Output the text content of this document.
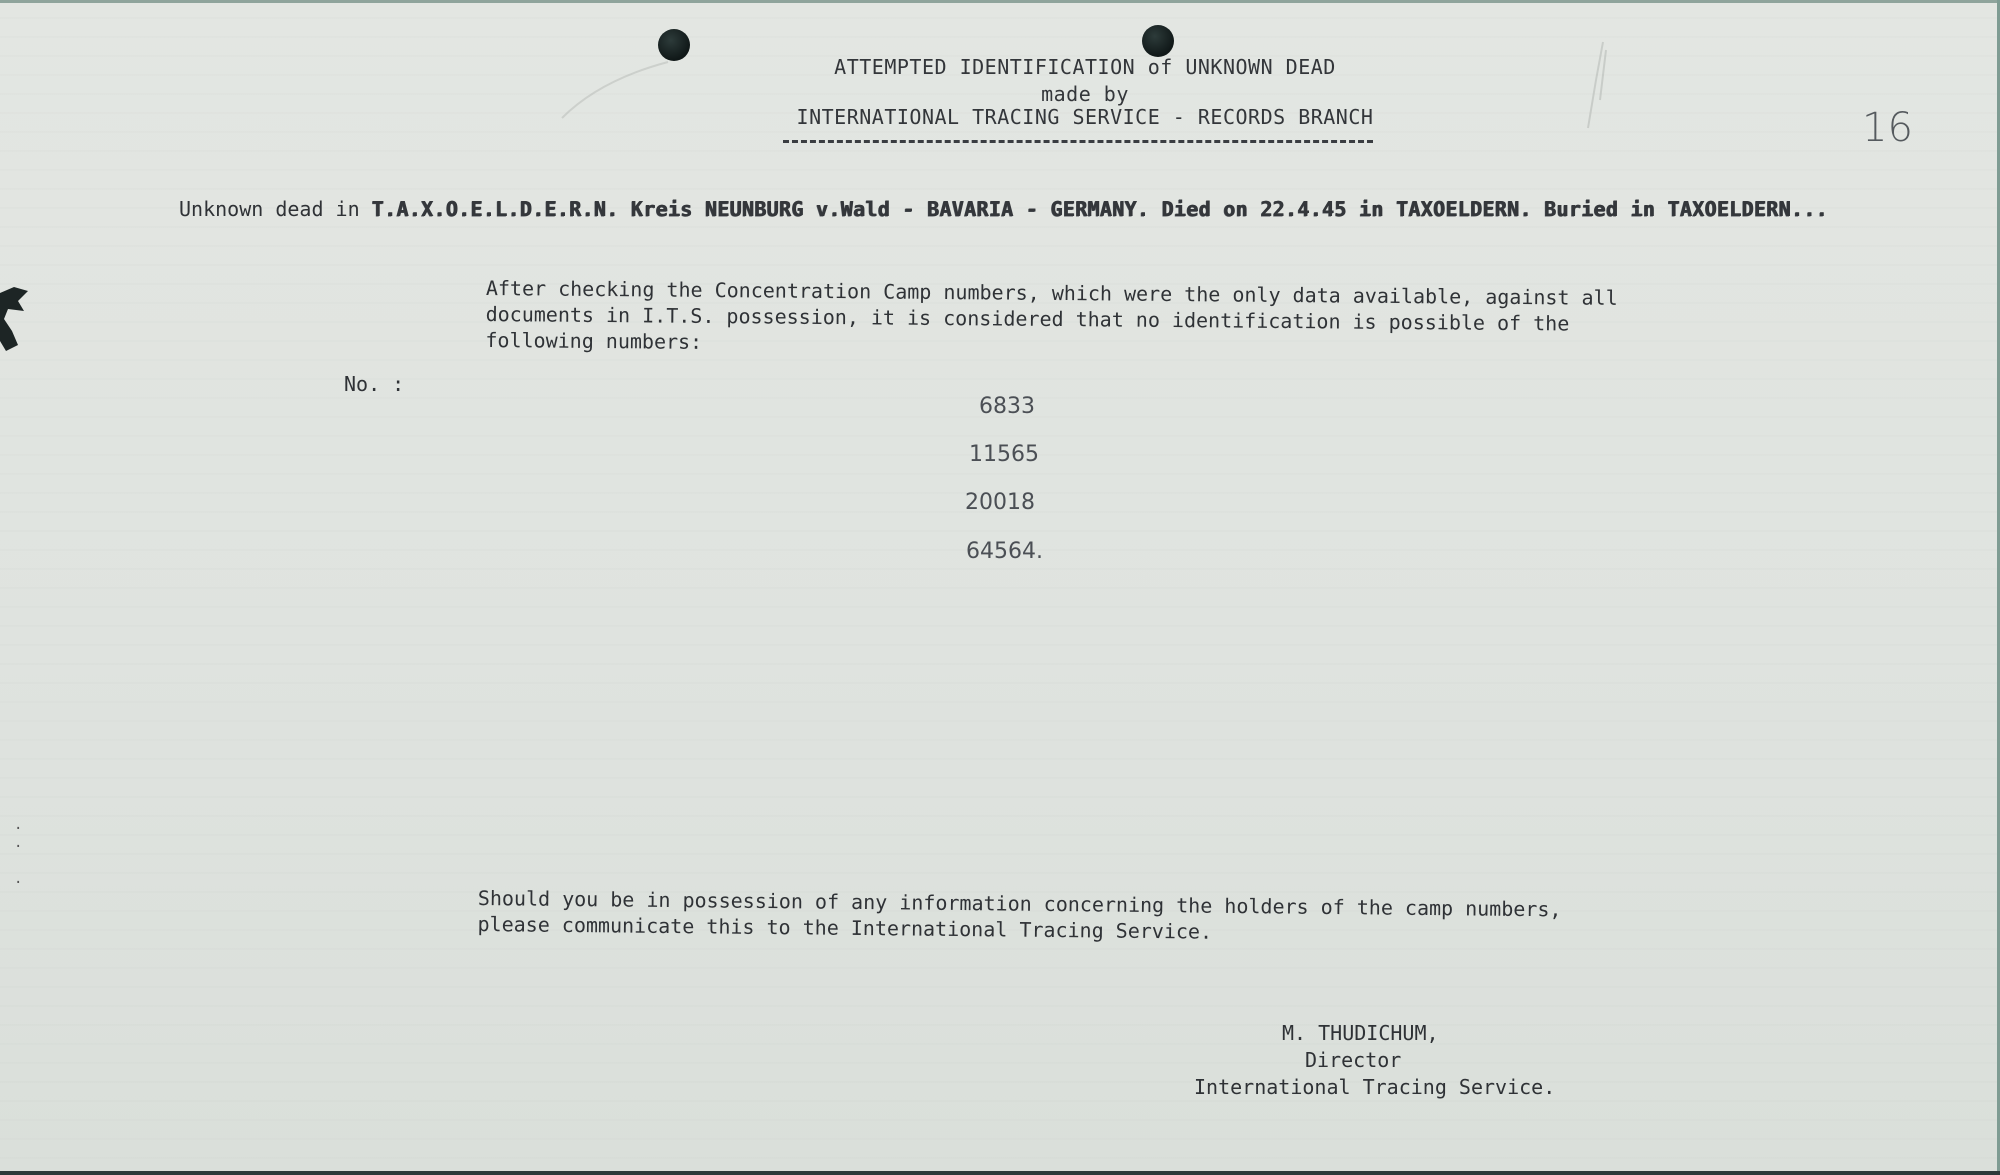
ATTEMPTED IDENTIFICATION of UNKNOWN DEAD
made by
INTERNATIONAL TRACING SERVICE - RECORDS BRANCH	16
Unknown dead in T.A.X.O.E.L.D.E.R.N. Kreis NEUNBURG v.Wald - BAVARIA - GERMANY. Died on 22.4.45 in TAXOELDERN. Buried in TAXOELDERN...
After checking the Concentration Camp numbers, which were the only data available, against all
documents in I.T.S. possession, it is considered that no identification is possible of the
following numbers:
No. :
6833
11565
20018
64564.
Should you be in possession of any information concerning the holders of the camp numbers,
please communicate this to the International Tracing Service.
M. THUDICHUM,
Director
International Tracing Service.
·
·

·
